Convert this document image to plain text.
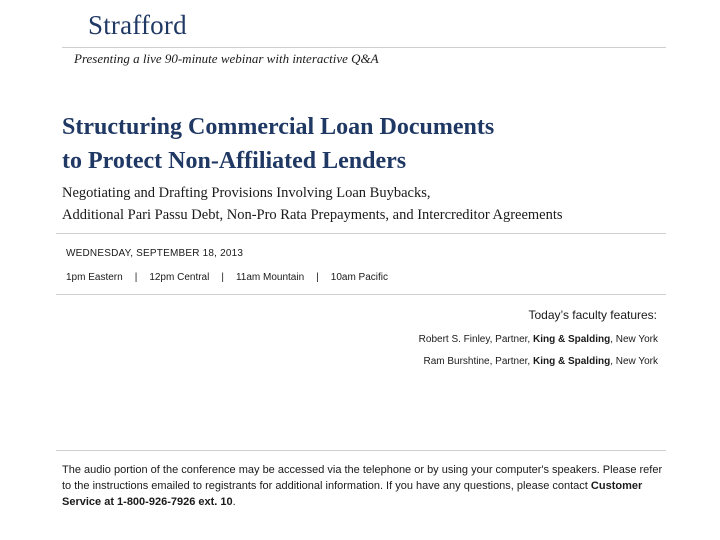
Strafford
Presenting a live 90-minute webinar with interactive Q&A
Structuring Commercial Loan Documents
to Protect Non-Affiliated Lenders
Negotiating and Drafting Provisions Involving Loan Buybacks,
Additional Pari Passu Debt, Non-Pro Rata Prepayments, and Intercreditor Agreements
WEDNESDAY, SEPTEMBER 18, 2013
1pm Eastern | 12pm Central | 11am Mountain | 10am Pacific
Today’s faculty features:
Robert S. Finley, Partner, King & Spalding, New York
Ram Burshtine, Partner, King & Spalding, New York
The audio portion of the conference may be accessed via the telephone or by using your computer's speakers. Please refer to the instructions emailed to registrants for additional information. If you have any questions, please contact Customer Service at 1-800-926-7926 ext. 10.
